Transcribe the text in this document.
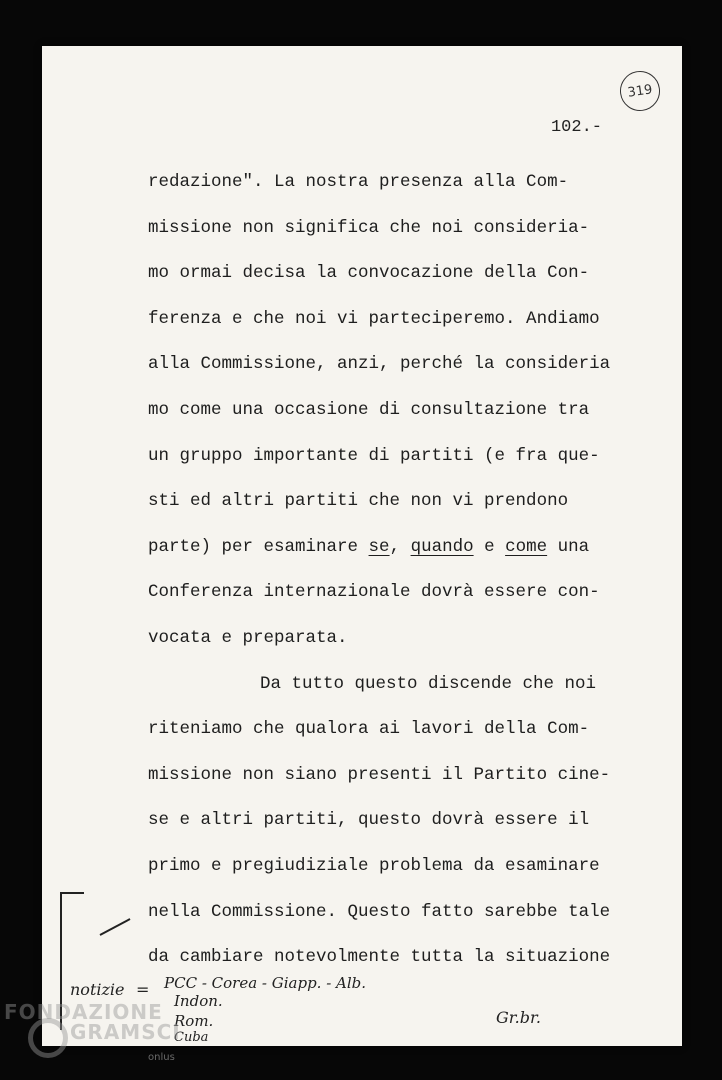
319
102.-
redazione". La nostra presenza alla Com-
missione non significa che noi consideria-
mo ormai decisa la convocazione della Con-
ferenza e che noi vi parteciperemo. Andiamo
alla Commissione, anzi, perché la consideria
mo come una occasione di consultazione tra
un gruppo importante di partiti (e fra que-
sti ed altri partiti che non vi prendono
parte) per esaminare se, quando e come una
Conferenza internazionale dovrà essere con-
vocata e preparata.
Da tutto questo discende che noi
riteniamo che qualora ai lavori della Com-
missione non siano presenti il Partito cine-
se e altri partiti, questo dovrà essere il
primo e pregiudiziale problema da esaminare
nella Commissione. Questo fatto sarebbe tale
da cambiare notevolmente tutta la situazione
notizie = PCC - Corea - Giapp. - Alb.
Indon.
Rom.
Cuba
Gr.br.
FONDAZIONE
GRAMSCI
onlus
